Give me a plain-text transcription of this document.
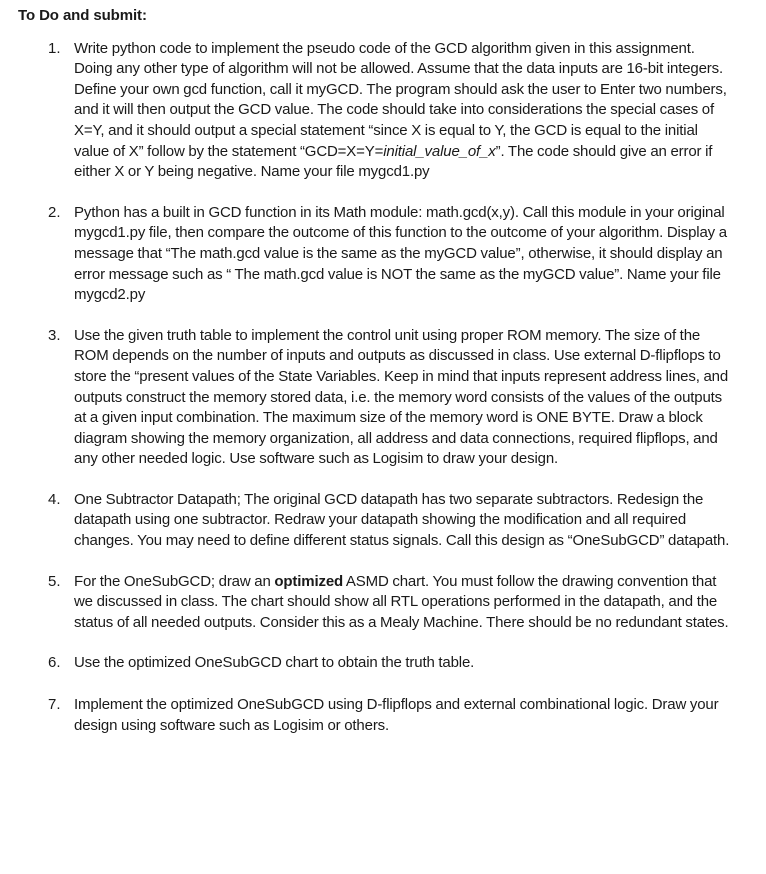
To Do and submit:
1. Write python code to implement the pseudo code of the GCD algorithm given in this assignment. Doing any other type of algorithm will not be allowed. Assume that the data inputs are 16-bit integers. Define your own gcd function, call it myGCD. The program should ask the user to Enter two numbers, and it will then output the GCD value. The code should take into considerations the special cases of X=Y, and it should output a special statement “since X is equal to Y, the GCD is equal to the initial value of X” follow by the statement “GCD=X=Y=initial_value_of_x”. The code should give an error if either X or Y being negative. Name your file mygcd1.py
2. Python has a built in GCD function in its Math module: math.gcd(x,y). Call this module in your original mygcd1.py file, then compare the outcome of this function to the outcome of your algorithm. Display a message that “The math.gcd value is the same as the myGCD value”, otherwise, it should display an error message such as “ The math.gcd value is NOT the same as the myGCD value”. Name your file mygcd2.py
3. Use the given truth table to implement the control unit using proper ROM memory. The size of the ROM depends on the number of inputs and outputs as discussed in class. Use external D-flipflops to store the “present values of the State Variables. Keep in mind that inputs represent address lines, and outputs construct the memory stored data, i.e. the memory word consists of the values of the outputs at a given input combination. The maximum size of the memory word is ONE BYTE. Draw a block diagram showing the memory organization, all address and data connections, required flipflops, and any other needed logic. Use software such as Logisim to draw your design.
4. One Subtractor Datapath; The original GCD datapath has two separate subtractors. Redesign the datapath using one subtractor. Redraw your datapath showing the modification and all required changes. You may need to define different status signals. Call this design as “OneSubGCD” datapath.
5. For the OneSubGCD; draw an optimized ASMD chart. You must follow the drawing convention that we discussed in class. The chart should show all RTL operations performed in the datapath, and the status of all needed outputs. Consider this as a Mealy Machine. There should be no redundant states.
6. Use the optimized OneSubGCD chart to obtain the truth table.
7. Implement the optimized OneSubGCD using D-flipflops and external combinational logic. Draw your design using software such as Logisim or others.
